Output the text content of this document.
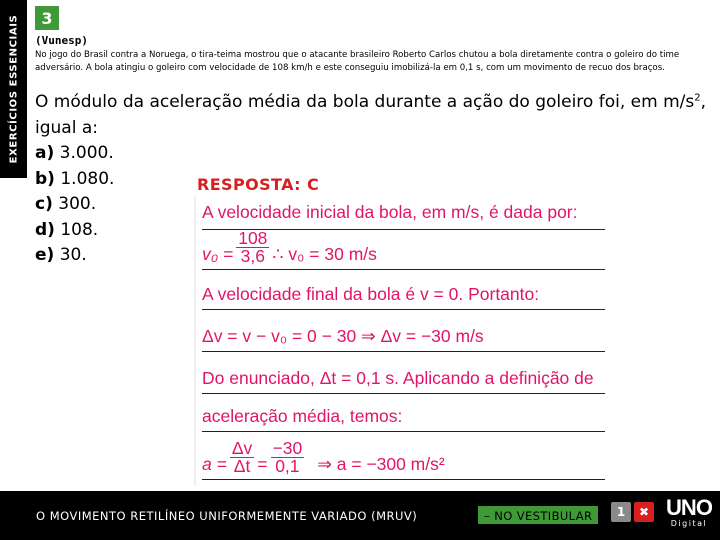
EXERCÍCIOS ESSENCIAIS	3
(Vunesp)
No jogo do Brasil contra a Noruega, o tira-teima mostrou que o atacante brasileiro Roberto Carlos chutou a bola diretamente contra o goleiro do time adversário. A bola atingiu o goleiro com velocidade de 108 km/h e este conseguiu imobilizá-la em 0,1 s, com um movimento de recuo dos braços.
O módulo da aceleração média da bola durante a ação do goleiro foi, em $m/s^2$, igual a:
a) 3.000.
b) 1.080.
c) 300.
d) 108.
e) 30.
RESPOSTA: C
A velocidade inicial da bola, em m/s, é dada por:
$v_0 = \frac{108}{3,6}$ ∴ v₀ = 30 m/s
A velocidade final da bola é v = 0. Portanto:
Δv = v − v₀ = 0 − 30 ⇒ Δv = −30 m/s
Do enunciado, Δt = 0,1 s. Aplicando a definição de
aceleração média, temos:
$a = \frac{\Delta v}{\Delta t} = \frac{-30}{0,1}$ ⇒ a = −300 m/s²
O MOVIMENTO RETILÍNEO UNIFORMEMENTE VARIADO (MRUV)	– NO VESTIBULAR	1	✖ UNO
Digital
